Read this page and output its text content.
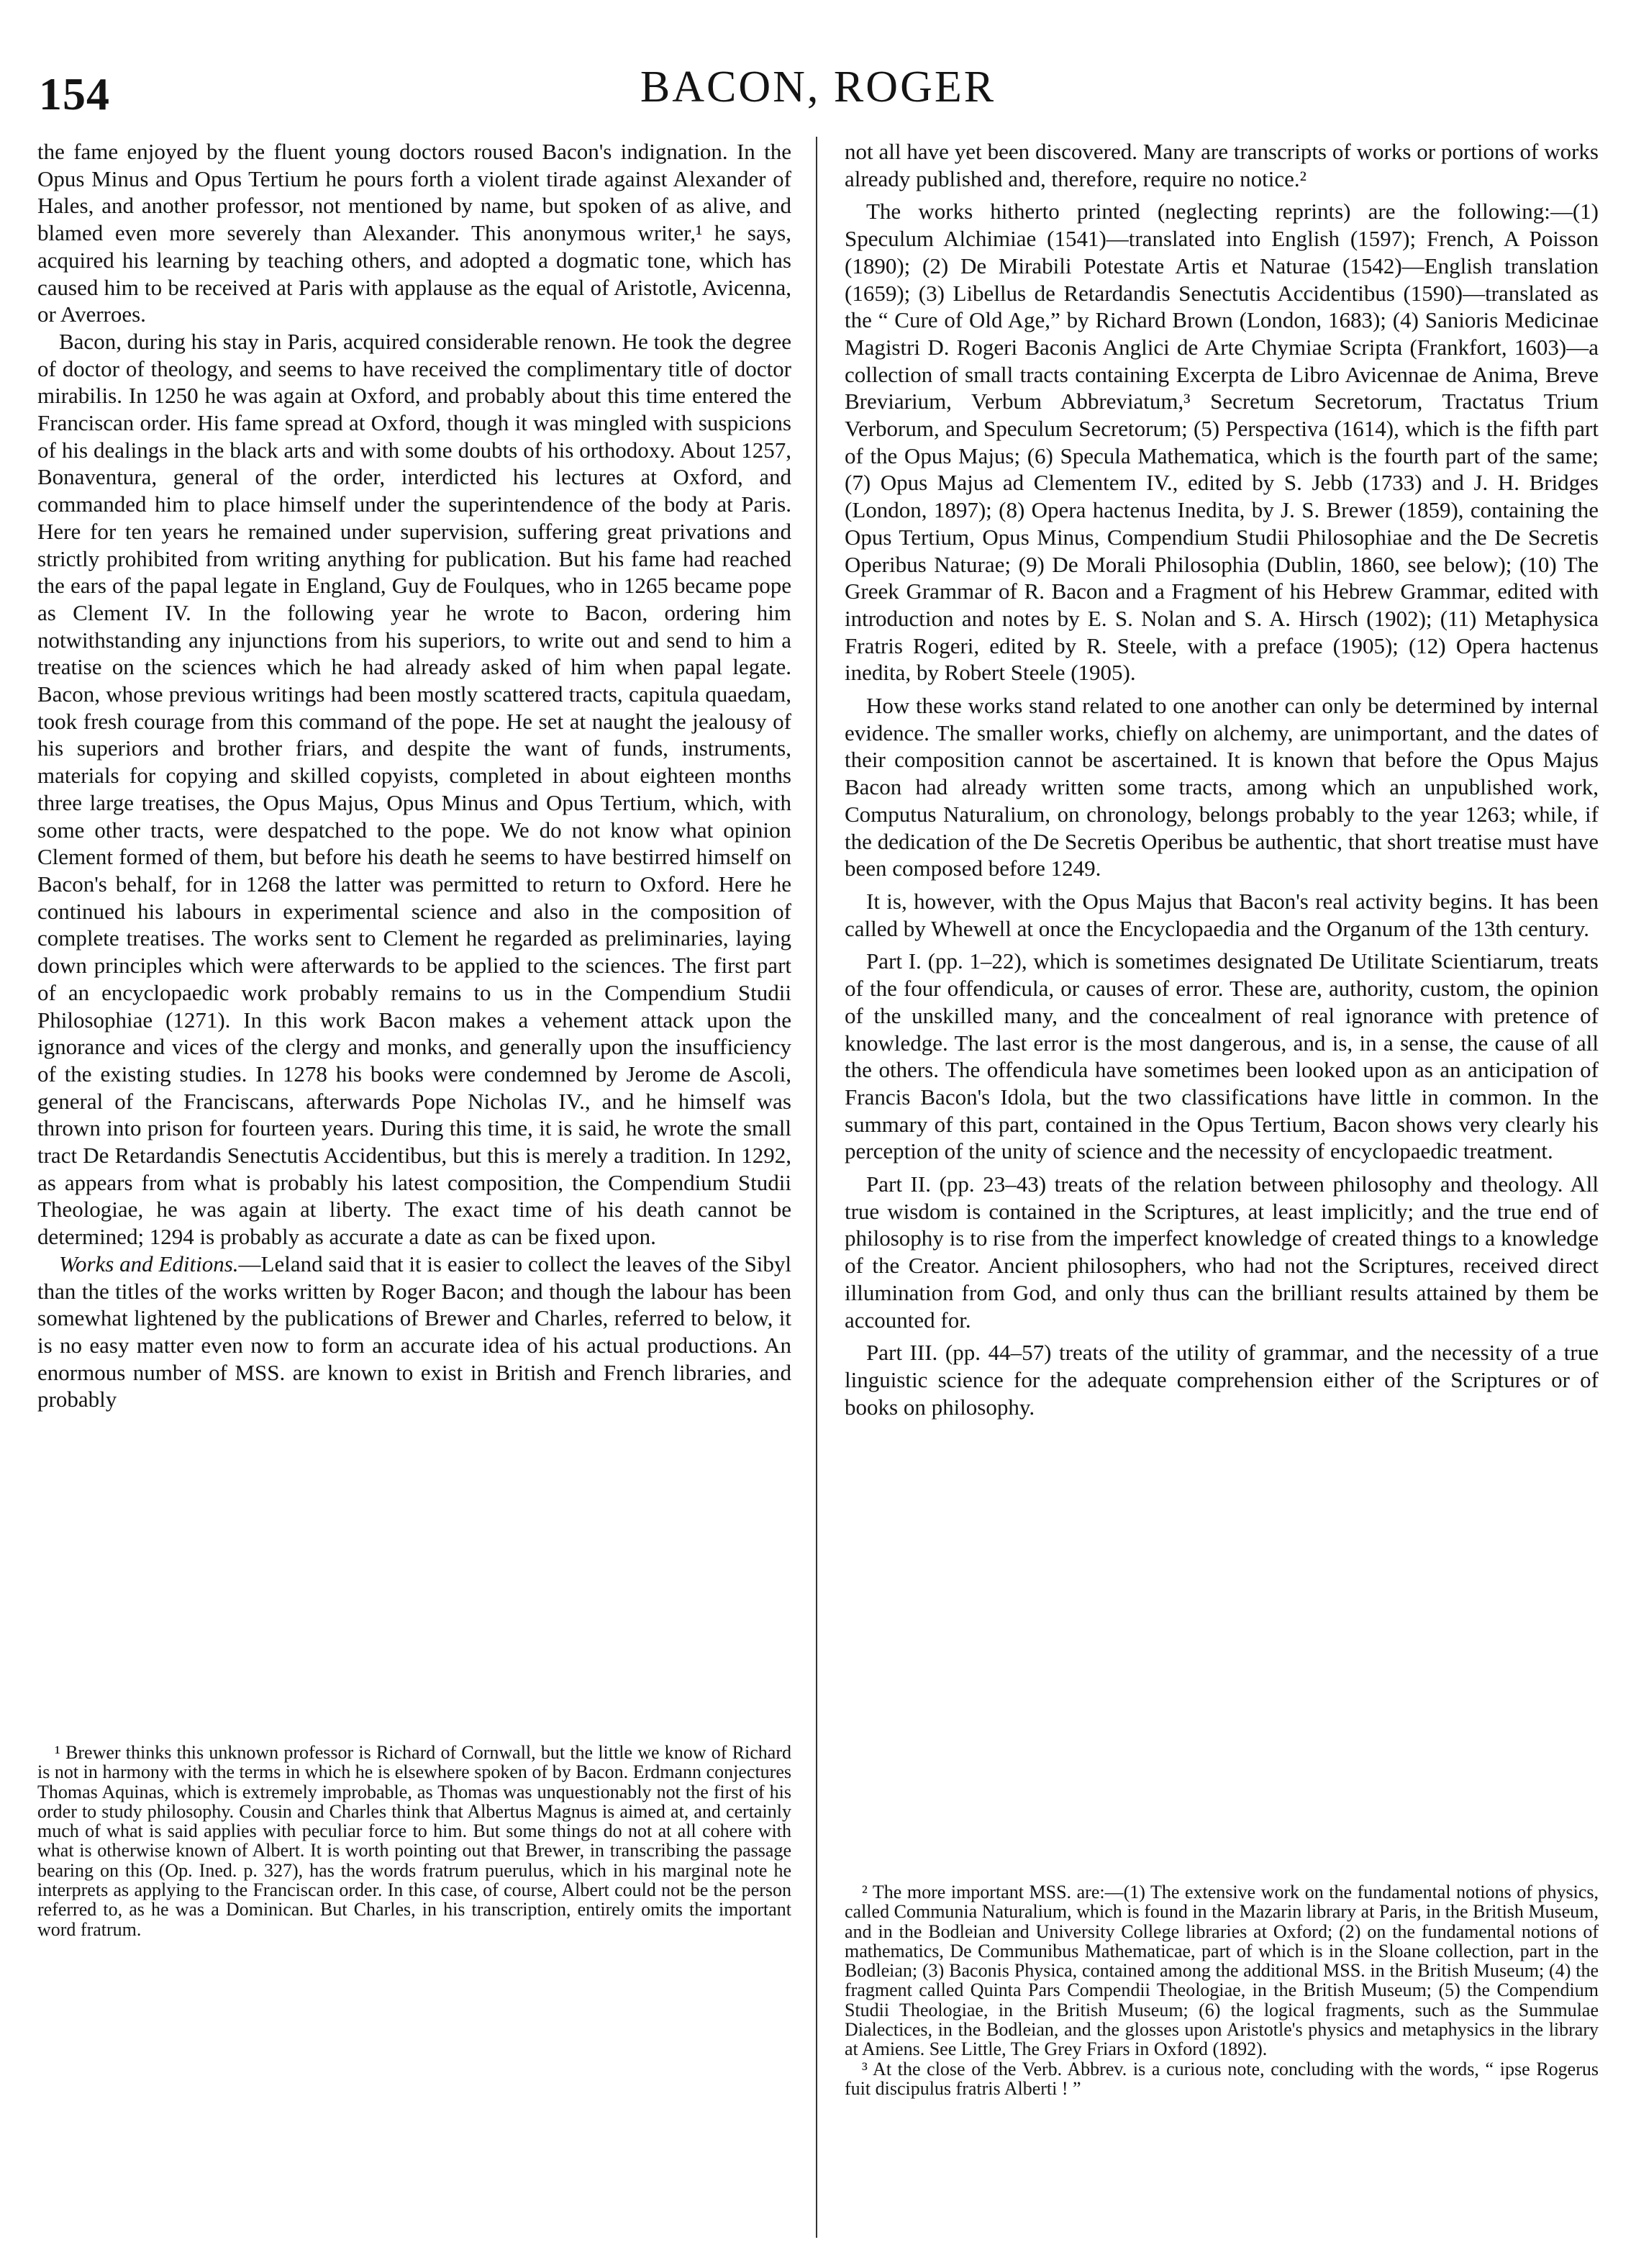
154	BACON, ROGER

the fame enjoyed by the fluent young doctors roused Bacon's indignation. In the Opus Minus and Opus Tertium he pours forth a violent tirade against Alexander of Hales, and another professor, not mentioned by name, but spoken of as alive, and blamed even more severely than Alexander. This anonymous writer,¹ he says, acquired his learning by teaching others, and adopted a dogmatic tone, which has caused him to be received at Paris with applause as the equal of Aristotle, Avicenna, or Averroes.

Bacon, during his stay in Paris, acquired considerable renown. He took the degree of doctor of theology, and seems to have received the complimentary title of doctor mirabilis. In 1250 he was again at Oxford, and probably about this time entered the Franciscan order. His fame spread at Oxford, though it was mingled with suspicions of his dealings in the black arts and with some doubts of his orthodoxy. About 1257, Bonaventura, general of the order, interdicted his lectures at Oxford, and commanded him to place himself under the superintendence of the body at Paris. Here for ten years he remained under supervision, suffering great privations and strictly prohibited from writing anything for publication. But his fame had reached the ears of the papal legate in England, Guy de Foulques, who in 1265 became pope as Clement IV. In the following year he wrote to Bacon, ordering him notwithstanding any injunctions from his superiors, to write out and send to him a treatise on the sciences which he had already asked of him when papal legate. Bacon, whose previous writings had been mostly scattered tracts, capitula quaedam, took fresh courage from this command of the pope. He set at naught the jealousy of his superiors and brother friars, and despite the want of funds, instruments, materials for copying and skilled copyists, completed in about eighteen months three large treatises, the Opus Majus, Opus Minus and Opus Tertium, which, with some other tracts, were despatched to the pope. We do not know what opinion Clement formed of them, but before his death he seems to have bestirred himself on Bacon's behalf, for in 1268 the latter was permitted to return to Oxford. Here he continued his labours in experimental science and also in the composition of complete treatises. The works sent to Clement he regarded as preliminaries, laying down principles which were afterwards to be applied to the sciences. The first part of an encyclopaedic work probably remains to us in the Compendium Studii Philosophiae (1271). In this work Bacon makes a vehement attack upon the ignorance and vices of the clergy and monks, and generally upon the insufficiency of the existing studies. In 1278 his books were condemned by Jerome de Ascoli, general of the Franciscans, afterwards Pope Nicholas IV., and he himself was thrown into prison for fourteen years. During this time, it is said, he wrote the small tract De Retardandis Senectutis Accidentibus, but this is merely a tradition. In 1292, as appears from what is probably his latest composition, the Compendium Studii Theologiae, he was again at liberty. The exact time of his death cannot be determined; 1294 is probably as accurate a date as can be fixed upon.

Works and Editions.—Leland said that it is easier to collect the leaves of the Sibyl than the titles of the works written by Roger Bacon; and though the labour has been somewhat lightened by the publications of Brewer and Charles, referred to below, it is no easy matter even now to form an accurate idea of his actual productions. An enormous number of MSS. are known to exist in British and French libraries, and probably

not all have yet been discovered. Many are transcripts of works or portions of works already published and, therefore, require no notice.²

The works hitherto printed (neglecting reprints) are the following:—(1) Speculum Alchimiae (1541)—translated into English (1597); French, A Poisson (1890); (2) De Mirabili Potestate Artis et Naturae (1542)—English translation (1659); (3) Libellus de Retardandis Senectutis Accidentibus (1590)—translated as the “ Cure of Old Age,” by Richard Brown (London, 1683); (4) Sanioris Medicinae Magistri D. Rogeri Baconis Anglici de Arte Chymiae Scripta (Frankfort, 1603)—a collection of small tracts containing Excerpta de Libro Avicennae de Anima, Breve Breviarium, Verbum Abbreviatum,³ Secretum Secretorum, Tractatus Trium Verborum, and Speculum Secretorum; (5) Perspectiva (1614), which is the fifth part of the Opus Majus; (6) Specula Mathematica, which is the fourth part of the same; (7) Opus Majus ad Clementem IV., edited by S. Jebb (1733) and J. H. Bridges (London, 1897); (8) Opera hactenus Inedita, by J. S. Brewer (1859), containing the Opus Tertium, Opus Minus, Compendium Studii Philosophiae and the De Secretis Operibus Naturae; (9) De Morali Philosophia (Dublin, 1860, see below); (10) The Greek Grammar of R. Bacon and a Fragment of his Hebrew Grammar, edited with introduction and notes by E. S. Nolan and S. A. Hirsch (1902); (11) Metaphysica Fratris Rogeri, edited by R. Steele, with a preface (1905); (12) Opera hactenus inedita, by Robert Steele (1905).

How these works stand related to one another can only be determined by internal evidence. The smaller works, chiefly on alchemy, are unimportant, and the dates of their composition cannot be ascertained. It is known that before the Opus Majus Bacon had already written some tracts, among which an unpublished work, Computus Naturalium, on chronology, belongs probably to the year 1263; while, if the dedication of the De Secretis Operibus be authentic, that short treatise must have been composed before 1249.

It is, however, with the Opus Majus that Bacon's real activity begins. It has been called by Whewell at once the Encyclopaedia and the Organum of the 13th century.

Part I. (pp. 1–22), which is sometimes designated De Utilitate Scientiarum, treats of the four offendicula, or causes of error. These are, authority, custom, the opinion of the unskilled many, and the concealment of real ignorance with pretence of knowledge. The last error is the most dangerous, and is, in a sense, the cause of all the others. The offendicula have sometimes been looked upon as an anticipation of Francis Bacon's Idola, but the two classifications have little in common. In the summary of this part, contained in the Opus Tertium, Bacon shows very clearly his perception of the unity of science and the necessity of encyclopaedic treatment.

Part II. (pp. 23–43) treats of the relation between philosophy and theology. All true wisdom is contained in the Scriptures, at least implicitly; and the true end of philosophy is to rise from the imperfect knowledge of created things to a knowledge of the Creator. Ancient philosophers, who had not the Scriptures, received direct illumination from God, and only thus can the brilliant results attained by them be accounted for.

Part III. (pp. 44–57) treats of the utility of grammar, and the necessity of a true linguistic science for the adequate comprehension either of the Scriptures or of books on philosophy.

¹ Brewer thinks this unknown professor is Richard of Cornwall, but the little we know of Richard is not in harmony with the terms in which he is elsewhere spoken of by Bacon. Erdmann conjectures Thomas Aquinas, which is extremely improbable, as Thomas was unquestionably not the first of his order to study philosophy. Cousin and Charles think that Albertus Magnus is aimed at, and certainly much of what is said applies with peculiar force to him. But some things do not at all cohere with what is otherwise known of Albert. It is worth pointing out that Brewer, in transcribing the passage bearing on this (Op. Ined. p. 327), has the words fratrum puerulus, which in his marginal note he interprets as applying to the Franciscan order. In this case, of course, Albert could not be the person referred to, as he was a Dominican. But Charles, in his transcription, entirely omits the important word fratrum.

² The more important MSS. are:—(1) The extensive work on the fundamental notions of physics, called Communia Naturalium, which is found in the Mazarin library at Paris, in the British Museum, and in the Bodleian and University College libraries at Oxford; (2) on the fundamental notions of mathematics, De Communibus Mathematicae, part of which is in the Sloane collection, part in the Bodleian; (3) Baconis Physica, contained among the additional MSS. in the British Museum; (4) the fragment called Quinta Pars Compendii Theologiae, in the British Museum; (5) the Compendium Studii Theologiae, in the British Museum; (6) the logical fragments, such as the Summulae Dialectices, in the Bodleian, and the glosses upon Aristotle's physics and metaphysics in the library at Amiens. See Little, The Grey Friars in Oxford (1892).

³ At the close of the Verb. Abbrev. is a curious note, concluding with the words, “ ipse Rogerus fuit discipulus fratris Alberti ! ”
